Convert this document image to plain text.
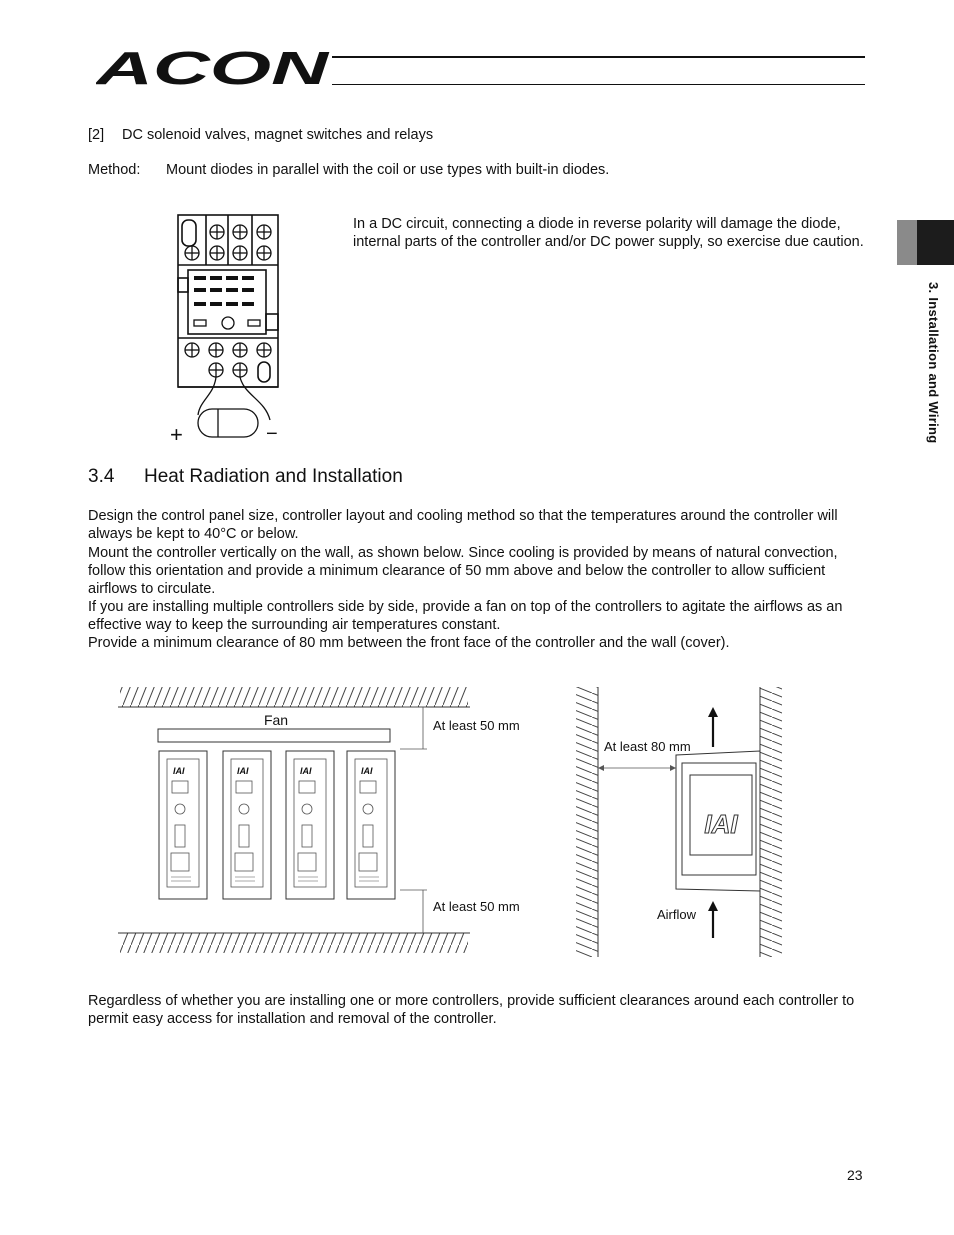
ACON
3. Installation and Wiring
[2] DC solenoid valves, magnet switches and relays
Method: Mount diodes in parallel with the coil or use types with built-in diodes.
+	−
In a DC circuit, connecting a diode in reverse polarity will damage the diode, internal parts of the controller and/or DC power supply, so exercise due caution.
3.4 Heat Radiation and Installation
Design the control panel size, controller layout and cooling method so that the temperatures around the controller will always be kept to 40°C or below.
Mount the controller vertically on the wall, as shown below. Since cooling is provided by means of natural convection, follow this orientation and provide a minimum clearance of 50 mm above and below the controller to allow sufficient airflows to circulate.
If you are installing multiple controllers side by side, provide a fan on top of the controllers to agitate the airflows as an effective way to keep the surrounding air temperatures constant.
Provide a minimum clearance of 80 mm between the front face of the controller and the wall (cover).
Fan	At least 50 mm
At least 50 mm
IAI	IAI	IAI	IAI
IAI
At least 80 mm
Airflow
Regardless of whether you are installing one or more controllers, provide sufficient clearances around each controller to permit easy access for installation and removal of the controller.
23
